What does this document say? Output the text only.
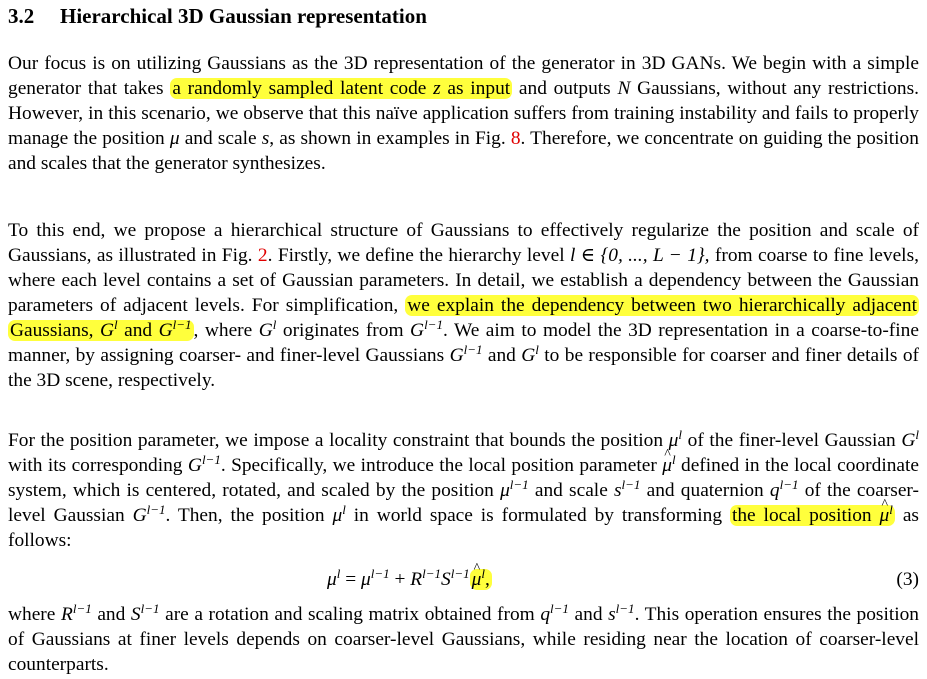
3.2 Hierarchical 3D Gaussian representation

Our focus is on utilizing Gaussians as the 3D representation of the generator in 3D GANs. We begin with a simple generator that takes a randomly sampled latent code z as input and outputs N Gaussians, without any restrictions. However, in this scenario, we observe that this naïve application suffers from training instability and fails to properly manage the position μ and scale s, as shown in examples in Fig. 8. Therefore, we concentrate on guiding the position and scales that the generator synthesizes.

To this end, we propose a hierarchical structure of Gaussians to effectively regularize the position and scale of Gaussians, as illustrated in Fig. 2. Firstly, we define the hierarchy level l ∈ {0, ..., L − 1}, from coarse to fine levels, where each level contains a set of Gaussian parameters. In detail, we establish a dependency between the Gaussian parameters of adjacent levels. For simplification, we explain the dependency between two hierarchically adjacent Gaussians, $G^l$ and $G^{l-1}$ , where $G^l$ originates from $G^{l-1}$. We aim to model the 3D representation in a coarse-to-fine manner, by assigning coarser- and finer-level Gaussians $G^{l-1}$ and $G^l$ to be responsible for coarser and finer details of the 3D scene, respectively.

For the position parameter, we impose a locality constraint that bounds the position $\mu^l$ of the finer-level Gaussian $G^l$ with its corresponding $G^{l-1}$. Specifically, we introduce the local position parameter ^ $\mu^l$ defined in the local coordinate system, which is centered, rotated, and scaled by the position $\mu^{l-1}$ and scale $s^{l-1}$ and quaternion $q^{l-1}$ of the coarser-level Gaussian $G^{l-1}$. Then, the position $\mu^l$ in world space is formulated by transforming the local position ^ $\mu^l$ as follows:

$\mu^l = \mu^{l-1}$ + $R^{l-1}S^{l-1}\^{}$ $\mu^l$,	(3)

where $R^{l-1}$ and $S^{l-1}$ are a rotation and scaling matrix obtained from $q^{l-1}$ and $s^{l-1}$. This operation ensures the position of Gaussians at finer levels depends on coarser-level Gaussians, while residing near the location of coarser-level counterparts.
